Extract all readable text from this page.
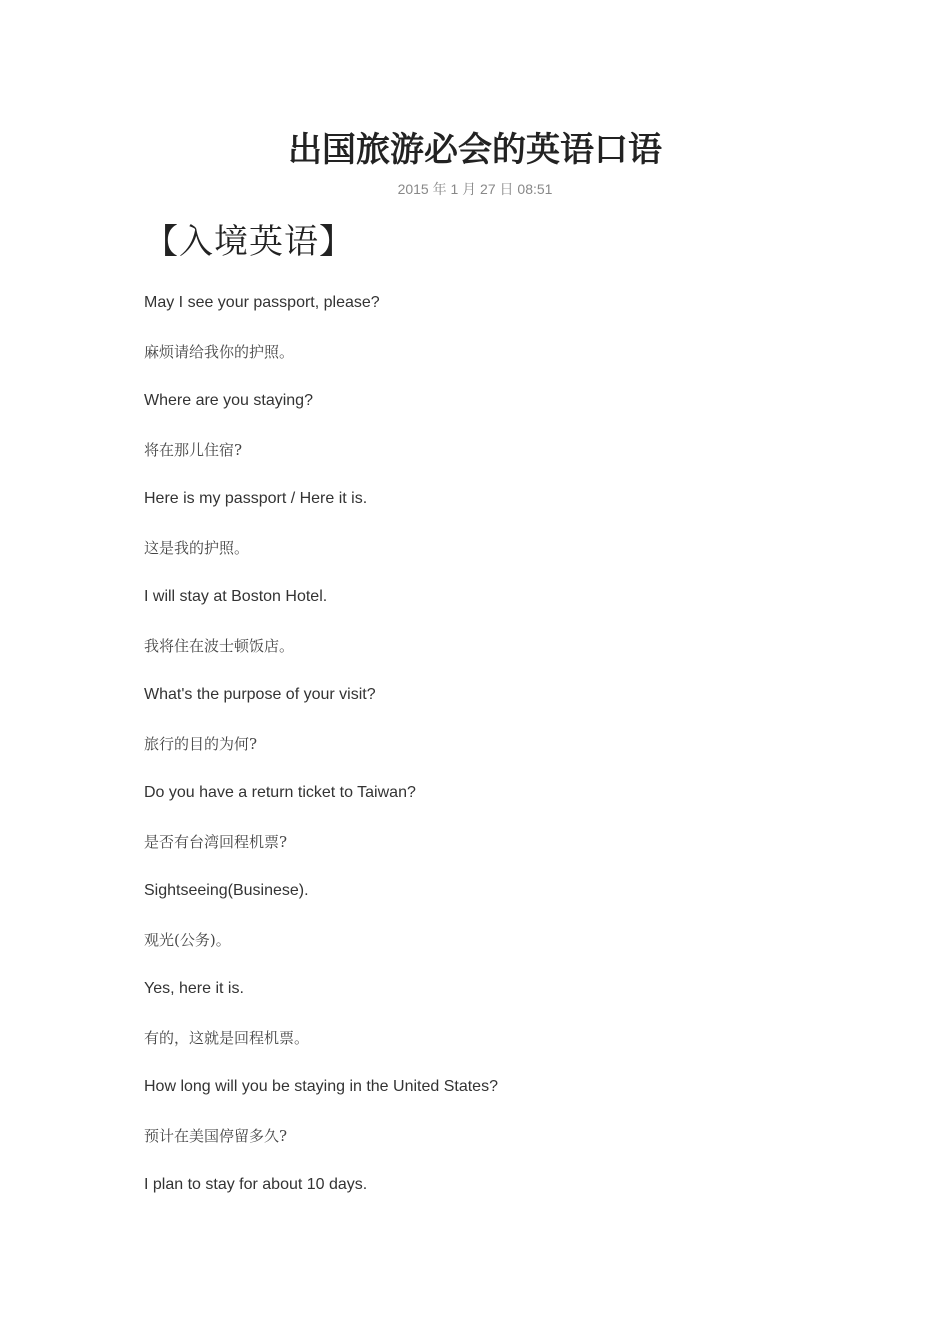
出国旅游必会的英语口语
2015 年 1 月 27 日 08:51
【入境英语】
May I see your passport, please?
麻烦请给我你的护照。
Where are you staying?
将在那儿住宿?
Here is my passport / Here it is.
这是我的护照。
I will stay at Boston Hotel.
我将住在波士顿饭店。
What's the purpose of your visit?
旅行的目的为何?
Do you have a return ticket to Taiwan?
是否有台湾回程机票?
Sightseeing(Businese).
观光(公务)。
Yes, here it is.
有的，这就是回程机票。
How long will you be staying in the United States?
预计在美国停留多久?
I plan to stay for about 10 days.
